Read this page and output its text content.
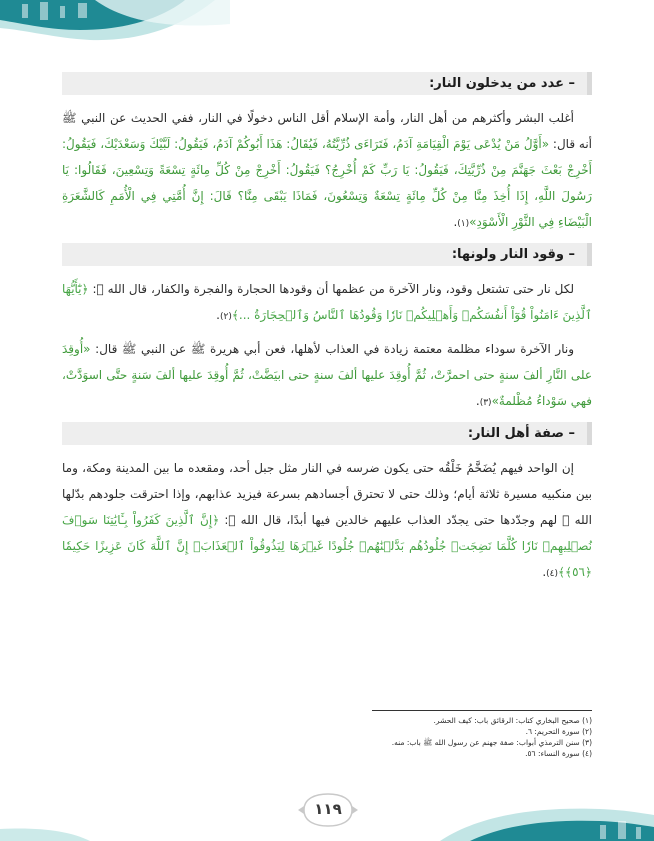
– عدد من يدخلون النار:

أغلب البشر وأكثرهم من أهل النار، وأمة الإسلام أقل الناس دخولًا في النار، ففي الحديث عن النبي ﷺ أنه قال: «أَوَّلُ مَنْ يُدْعَى يَوْمَ الْقِيَامَةِ آدَمُ، فَتَرَاءَى ذُرِّيَّتُهُ، فَيُقَالُ: هَذَا أَبُوكُمْ آدَمُ، فَيَقُولُ: لَبَّيْكَ وَسَعْدَيْكَ، فَيَقُولُ: أَخْرِجْ بَعْثَ جَهَنَّمَ مِنْ ذُرِّيَّتِكَ، فَيَقُولُ: يَا رَبِّ كَمْ أُخْرِجُ؟ فَيَقُولُ: أَخْرِجْ مِنْ كُلِّ مِائَةٍ تِسْعَةً وَتِسْعِينَ، فَقَالُوا: يَا رَسُولَ اللَّهِ، إِذَا أُخِذَ مِنَّا مِنْ كُلِّ مِائَةٍ تِسْعَةٌ وَتِسْعُونَ، فَمَاذَا يَبْقَى مِنَّا؟ قَالَ: إِنَّ أُمَّتِي فِي الْأُمَمِ كَالشَّعَرَةِ الْبَيْضَاءِ فِي الثَّوْرِ الْأَسْوَدِ»(١).

– وقود النار ولونها:

لكل نار حتى تشتعل وقود، ونار الآخرة من عظمها أن وقودها الحجارة والفجرة والكفار، قال الله ﷻ: ﴿يَٰٓأَيُّهَا ٱلَّذِينَ ءَامَنُواْ قُوٓاْ أَنفُسَكُمۡ وَأَهۡلِيكُمۡ نَارٗا وَقُودُهَا ٱلنَّاسُ وَٱلۡحِجَارَةُ ...﴾(٢).

ونار الآخرة سوداء مظلمة معتمة زيادة في العذاب لأهلها، فعن أبي هريرة ﷺ عن النبي ﷺ قال: «أُوقِدَ على النَّارِ ألفَ سنةٍ حتى احمرَّتْ، ثُمَّ أُوقِدَ عليها ألفَ سنةٍ حتى ابيَضَّتْ، ثُمَّ أُوقِدَ عليها ألفَ سَنةٍ حتَّى اسوَدَّتْ، فهي سَوْداءُ مُظْلمةٌ»(٣).

– صفة أهل النار:

إن الواحد فيهم يُضَخَّمُ خَلْقُه حتى يكون ضرسه في النار مثل جبل أحد، ومقعده ما بين المدينة ومكة، وما بين منكبيه مسيرة ثلاثة أيام؛ وذلك حتى لا تحترق أجسادهم بسرعة فيزيد عذابهم، وإذا احترقت جلودهم بدّلها الله ﷻ لهم وجدّدها حتى يجدّد العذاب عليهم خالدين فيها أبدًا، قال الله ﷻ: ﴿إِنَّ ٱلَّذِينَ كَفَرُواْ بِـَٔايَٰتِنَا سَوۡفَ نُصۡلِيهِمۡ نَارٗا كُلَّمَا نَضِجَتۡ جُلُودُهُم بَدَّلۡنَٰهُمۡ جُلُودًا غَيۡرَهَا لِيَذُوقُواْ ٱلۡعَذَابَۗ إِنَّ ٱللَّهَ كَانَ عَزِيزًا حَكِيمٗا ﴿٥٦﴾﴾(٤).

(١) صحيح البخاري كتاب: الرقائق باب: كيف الحشر.
(٢) سورة التحريم: ٦.
(٣) سنن الترمذي أبواب: صفة جهنم عن رسول الله ﷺ باب: منه.
(٤) سورة النساء: ٥٦.
١١٩
